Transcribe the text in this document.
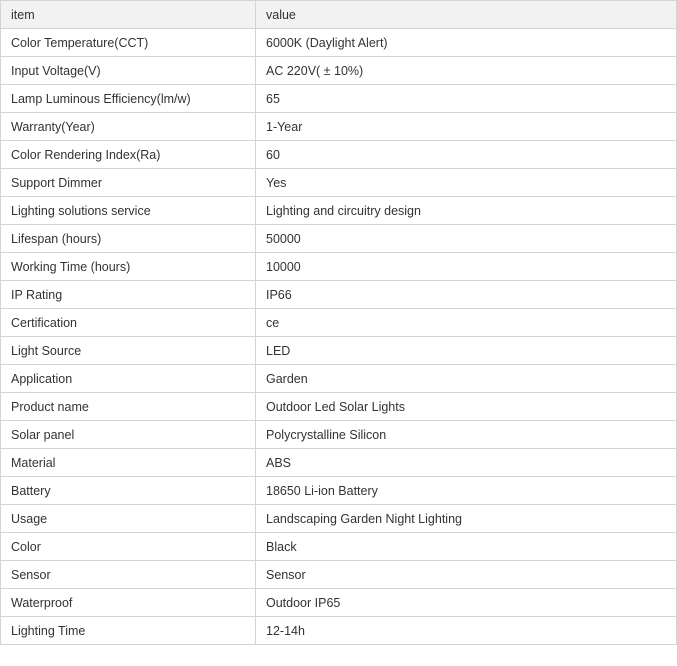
item	value
Color Temperature(CCT)	6000K (Daylight Alert)
Input Voltage(V)	AC 220V( ± 10%)
Lamp Luminous Efficiency(lm/w)	65
Warranty(Year)	1-Year
Color Rendering Index(Ra)	60
Support Dimmer	Yes
Lighting solutions service	Lighting and circuitry design
Lifespan (hours)	50000
Working Time (hours)	10000
IP Rating	IP66
Certification	ce
Light Source	LED
Application	Garden
Product name	Outdoor Led Solar Lights
Solar panel	Polycrystalline Silicon
Material	ABS
Battery	18650 Li-ion Battery
Usage	Landscaping Garden Night Lighting
Color	Black
Sensor	Sensor
Waterproof	Outdoor IP65
Lighting Time	12-14h
